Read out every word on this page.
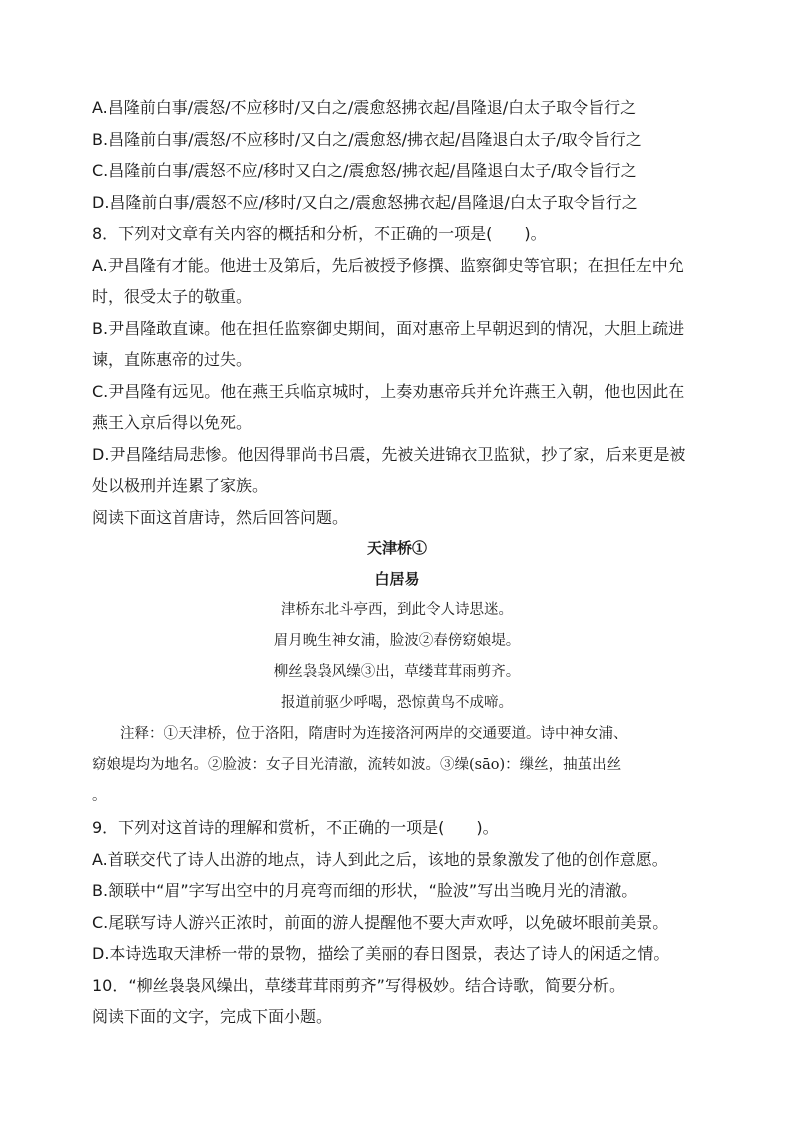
A.昌隆前白事/震怒/不应移时/又白之/震愈怒拂衣起/昌隆退/白太子取令旨行之
B.昌隆前白事/震怒/不应移时/又白之/震愈怒/拂衣起/昌隆退白太子/取令旨行之
C.昌隆前白事/震怒不应/移时又白之/震愈怒/拂衣起/昌隆退白太子/取令旨行之
D.昌隆前白事/震怒不应/移时/又白之/震愈怒拂衣起/昌隆退/白太子取令旨行之
8．下列对文章有关内容的概括和分析，不正确的一项是(　　)。
A.尹昌隆有才能。他进士及第后，先后被授予修撰、监察御史等官职；在担任左中允
时，很受太子的敬重。
B.尹昌隆敢直谏。他在担任监察御史期间，面对惠帝上早朝迟到的情况，大胆上疏进
谏，直陈惠帝的过失。
C.尹昌隆有远见。他在燕王兵临京城时，上奏劝惠帝兵并允许燕王入朝，他也因此在
燕王入京后得以免死。
D.尹昌隆结局悲惨。他因得罪尚书吕震，先被关进锦衣卫监狱，抄了家，后来更是被
处以极刑并连累了家族。
阅读下面这首唐诗，然后回答问题。
天津桥①
白居易
津桥东北斗亭西，到此令人诗思迷。
眉月晚生神女浦，脸波②春傍窈娘堤。
柳丝袅袅风缲③出，草缕茸茸雨剪齐。
报道前驱少呼喝，恐惊黄鸟不成啼。
注释：①天津桥，位于洛阳，隋唐时为连接洛河两岸的交通要道。诗中神女浦、
窈娘堤均为地名。②脸波：女子目光清澈，流转如波。③缲(sāo)：缫丝，抽茧出丝
。
9．下列对这首诗的理解和赏析，不正确的一项是(　　)。
A.首联交代了诗人出游的地点，诗人到此之后，该地的景象激发了他的创作意愿。
B.颔联中“眉”字写出空中的月亮弯而细的形状，“脸波”写出当晚月光的清澈。
C.尾联写诗人游兴正浓时，前面的游人提醒他不要大声欢呼，以免破坏眼前美景。
D.本诗选取天津桥一带的景物，描绘了美丽的春日图景，表达了诗人的闲适之情。
10．“柳丝袅袅风缲出，草缕茸茸雨剪齐”写得极妙。结合诗歌，简要分析。
阅读下面的文字，完成下面小题。
